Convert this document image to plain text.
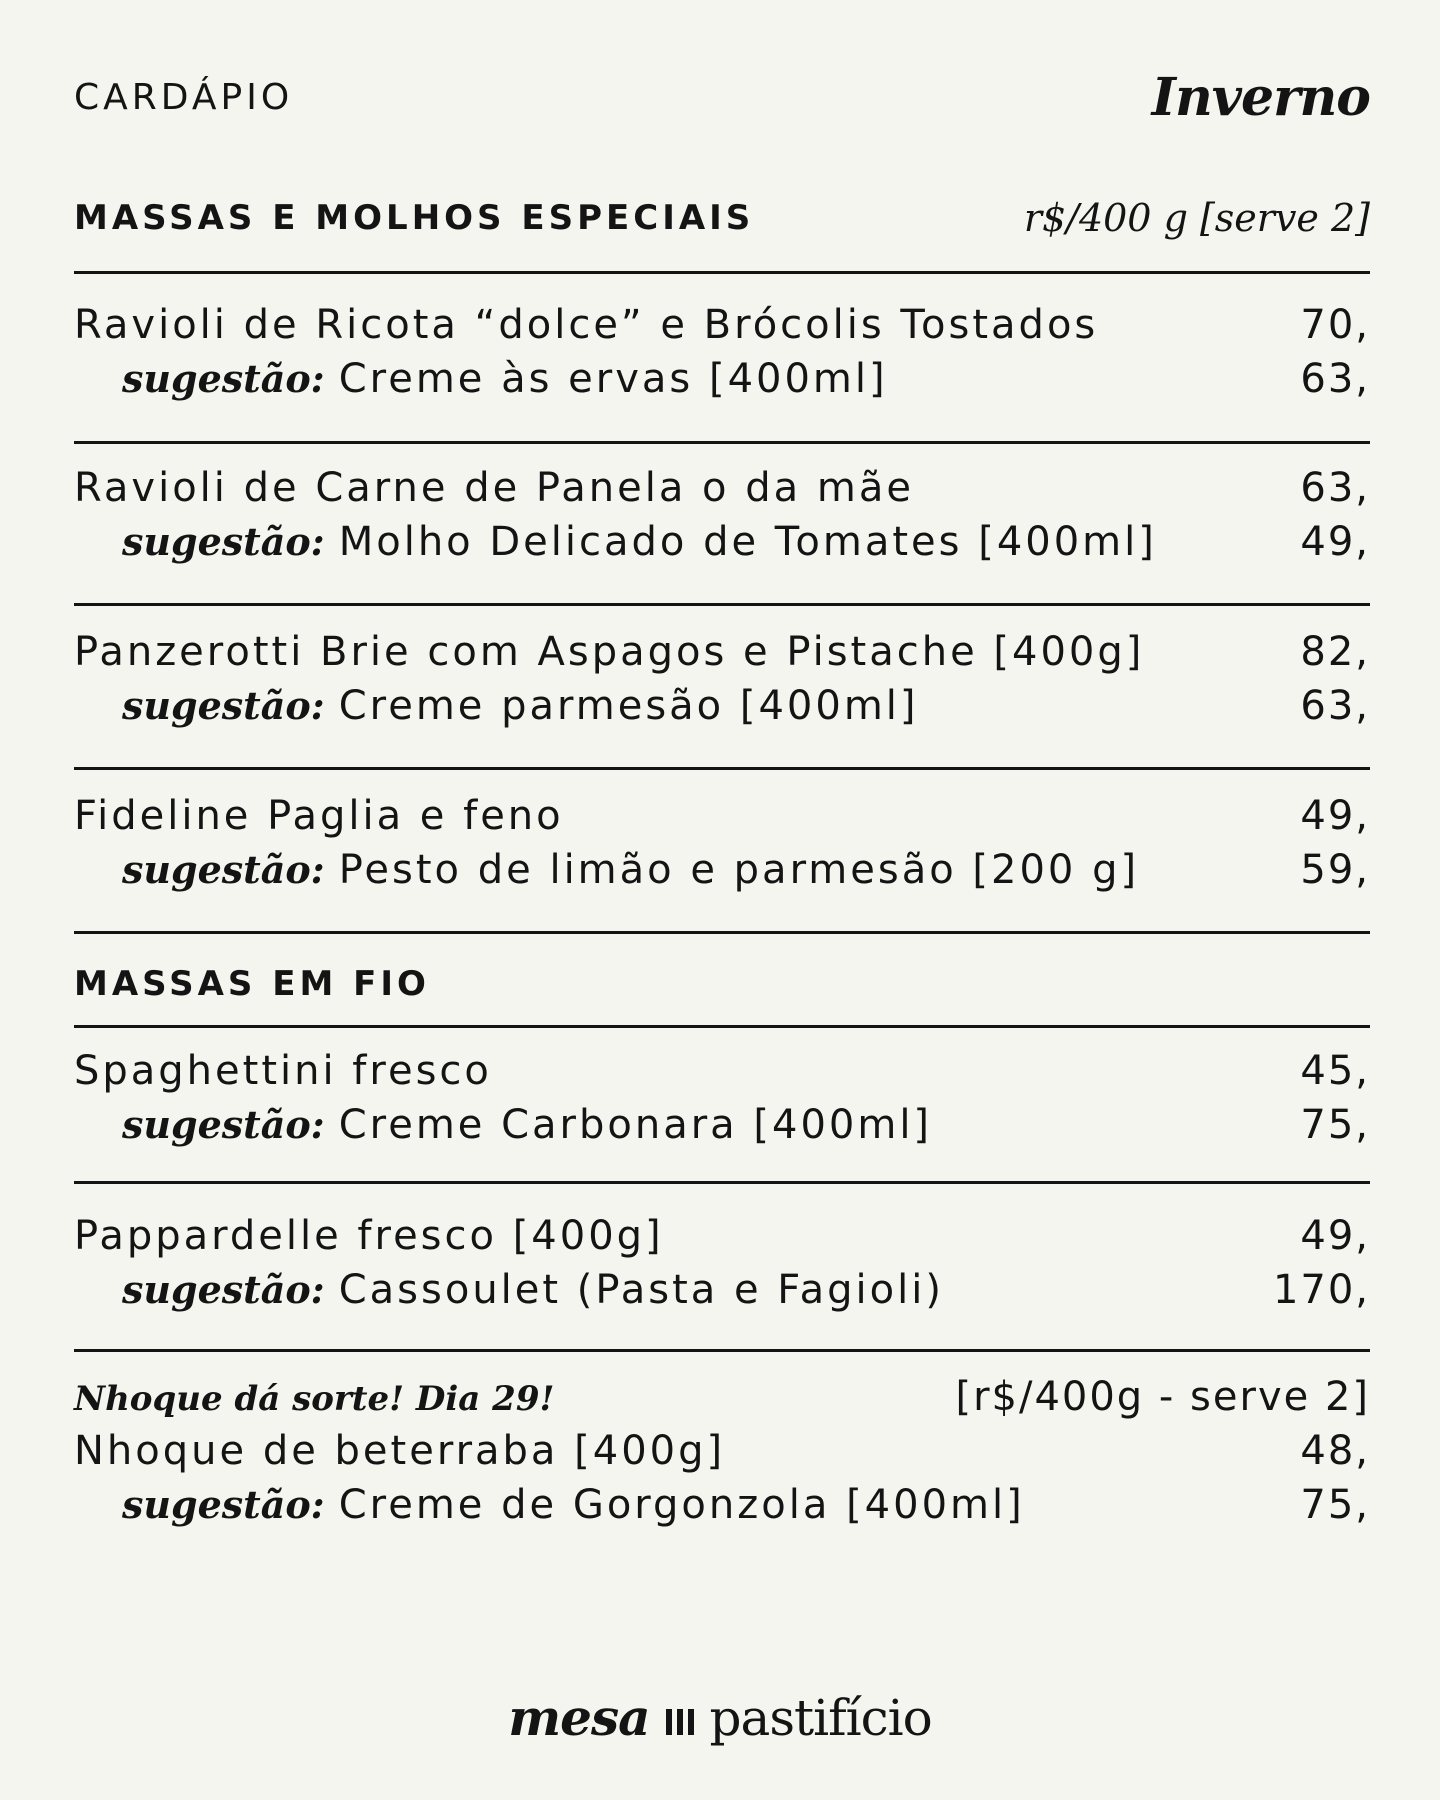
CARDÁPIO	Inverno
MASSAS E MOLHOS ESPECIAIS	r$/400 g [serve 2]
Ravioli de Ricota “dolce” e Brócolis Tostados	70,
sugestão: Creme às ervas [400ml]	63,
Ravioli de Carne de Panela o da mãe	63,
sugestão: Molho Delicado de Tomates [400ml]	49,
Panzerotti Brie com Aspagos e Pistache [400g]	82,
sugestão: Creme parmesão [400ml]	63,
Fideline Paglia e feno	49,
sugestão: Pesto de limão e parmesão [200 g]	59,
MASSAS EM FIO
Spaghettini fresco	45,
sugestão: Creme Carbonara [400ml]	75,
Pappardelle fresco [400g]	49,
sugestão: Cassoulet (Pasta e Fagioli)	170,
Nhoque dá sorte! Dia 29!	[r$/400g - serve 2]
Nhoque de beterraba [400g]	48,
sugestão: Creme de Gorgonzola [400ml]	75,
mesa pastifício
